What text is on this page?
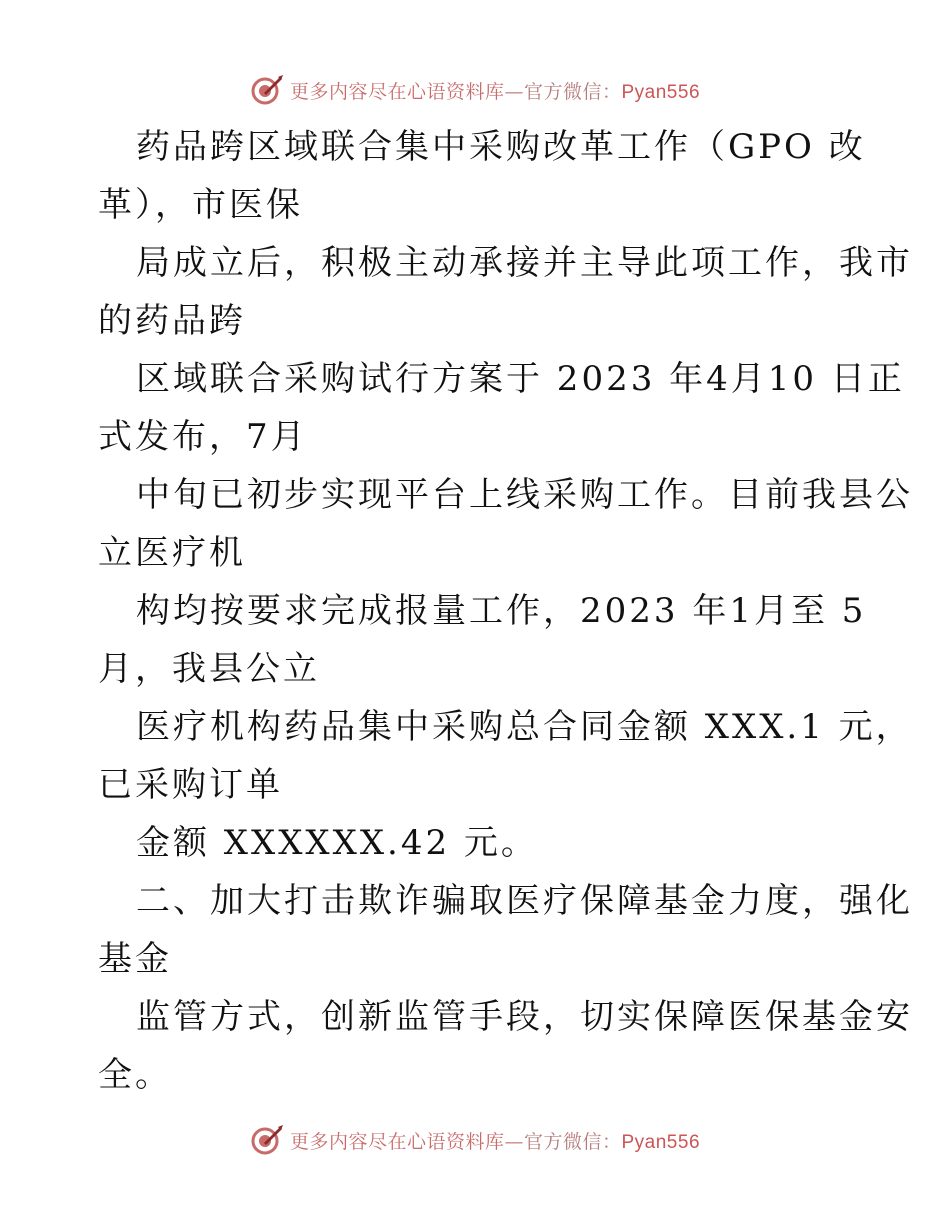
更多内容尽在心语资料库—官方微信：Pyan556
药品跨区域联合集中采购改革工作（GPO 改
革），市医保
局成立后，积极主动承接并主导此项工作，我市
的药品跨
区域联合采购试行方案于 2023 年4月10 日正
式发布，7月
中旬已初步实现平台上线采购工作。目前我县公
立医疗机
构均按要求完成报量工作，2023 年1月至 5
月，我县公立
医疗机构药品集中采购总合同金额 XXX.1 元，
已采购订单
金额 XXXXXX.42 元。
二、加大打击欺诈骗取医疗保障基金力度，强化
基金
监管方式，创新监管手段，切实保障医保基金安
全。
更多内容尽在心语资料库—官方微信：Pyan556
